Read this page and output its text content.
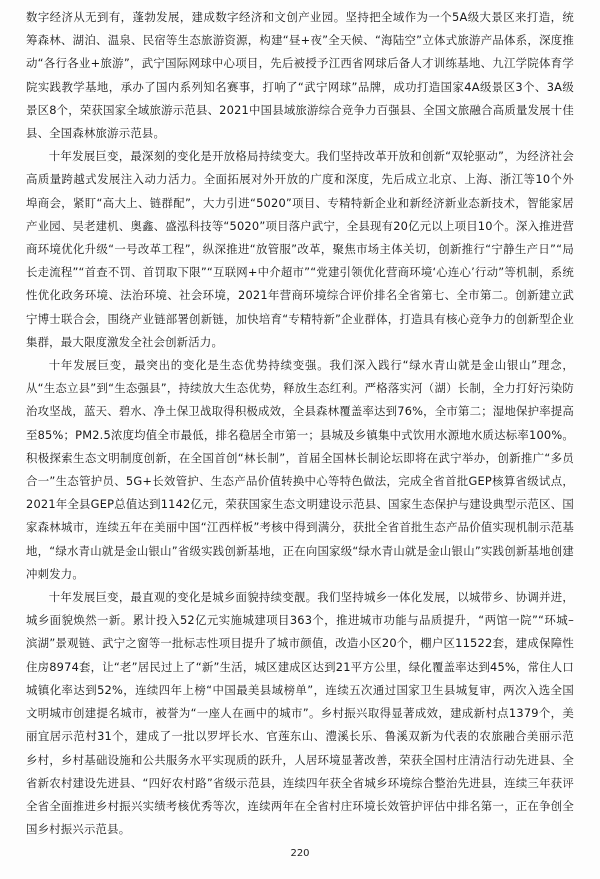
数字经济从无到有，蓬勃发展，建成数字经济和文创产业园。坚持把全域作为一个5A级大景区来打造，统筹森林、湖泊、温泉、民宿等生态旅游资源，构建“昼+夜”全天候、“海陆空”立体式旅游产品体系，深度推动“各行各业+旅游”，武宁国际网球中心项目，先后被授予江西省网球后备人才训练基地、九江学院体育学院实践教学基地，承办了国内系列知名赛事，打响了“武宁网球”品牌，成功打造国家4A级景区3个、3A级景区8个，荣获国家全域旅游示范县、2021中国县域旅游综合竞争力百强县、全国文旅融合高质量发展十佳县、全国森林旅游示范县。

十年发展巨变，最深刻的变化是开放格局持续变大。我们坚持改革开放和创新“双轮驱动”，为经济社会高质量跨越式发展注入动力活力。全面拓展对外开放的广度和深度，先后成立北京、上海、浙江等10个外埠商会，紧盯“高大上、链群配”，大力引进“5020”项目、专精特新企业和新经济新业态新技术，智能家居产业园、吴老建机、奥鑫、盛泓科技等“5020”项目落户武宁，全县现有20亿元以上项目10个。深入推进营商环境优化升级“一号改革工程”，纵深推进“放管服”改革，聚焦市场主体关切，创新推行“宁静生产日”“局长走流程”“首查不罚、首罚取下限”“互联网+中介超市”“党建引领优化营商环境‘心连心’行动”等机制，系统性优化政务环境、法治环境、社会环境，2021年营商环境综合评价排名全省第七、全市第二。创新建立武宁博士联合会，围绕产业链部署创新链，加快培育“专精特新”企业群体，打造具有核心竞争力的创新型企业集群，最大限度激发全社会创新活力。

十年发展巨变，最突出的变化是生态优势持续变强。我们深入践行“绿水青山就是金山银山”理念，从“生态立县”到“生态强县”，持续放大生态优势，释放生态红利。严格落实河（湖）长制，全力打好污染防治攻坚战，蓝天、碧水、净土保卫战取得积极成效，全县森林覆盖率达到76%，全市第二；湿地保护率提高至85%；PM2.5浓度均值全市最低，排名稳居全市第一；县城及乡镇集中式饮用水源地水质达标率100%。积极探索生态文明制度创新，在全国首创“林长制”，首届全国林长制论坛即将在武宁举办，创新推广“多员合一”生态管护员、5G+长效管护、生态产品价值转换中心等特色做法，完成全省首批GEP核算省级试点，2021年全县GEP总值达到1142亿元，荣获国家生态文明建设示范县、国家生态保护与建设典型示范区、国家森林城市，连续五年在美丽中国“江西样板”考核中得到满分，获批全省首批生态产品价值实现机制示范基地，“绿水青山就是金山银山”省级实践创新基地，正在向国家级“绿水青山就是金山银山”实践创新基地创建冲刺发力。

十年发展巨变，最直观的变化是城乡面貌持续变靓。我们坚持城乡一体化发展，以城带乡、协调并进，城乡面貌焕然一新。累计投入52亿元实施城建项目363个，推进城市功能与品质提升，“两馆一院”“环城–滨湖”景观链、武宁之窗等一批标志性项目提升了城市颜值，改造小区20个，棚户区11522套，建成保障性住房8974套，让“老”居民过上了“新”生活，城区建成区达到21平方公里，绿化覆盖率达到45%，常住人口城镇化率达到52%，连续四年上榜“中国最美县域榜单”，连续五次通过国家卫生县城复审，两次入选全国文明城市创建提名城市，被誉为“一座人在画中的城市”。乡村振兴取得显著成效，建成新村点1379个，美丽宜居示范村31个，建成了一批以罗坪长水、官莲东山、澧溪长乐、鲁溪双新为代表的农旅融合美丽示范乡村，乡村基础设施和公共服务水平实现质的跃升，人居环境显著改善，荣获全国村庄清洁行动先进县、全省新农村建设先进县、“四好农村路”省级示范县，连续四年获全省城乡环境综合整治先进县，连续三年获评全省全面推进乡村振兴实绩考核优秀等次，连续两年在全省村庄环境长效管护评估中排名第一，正在争创全国乡村振兴示范县。

220
